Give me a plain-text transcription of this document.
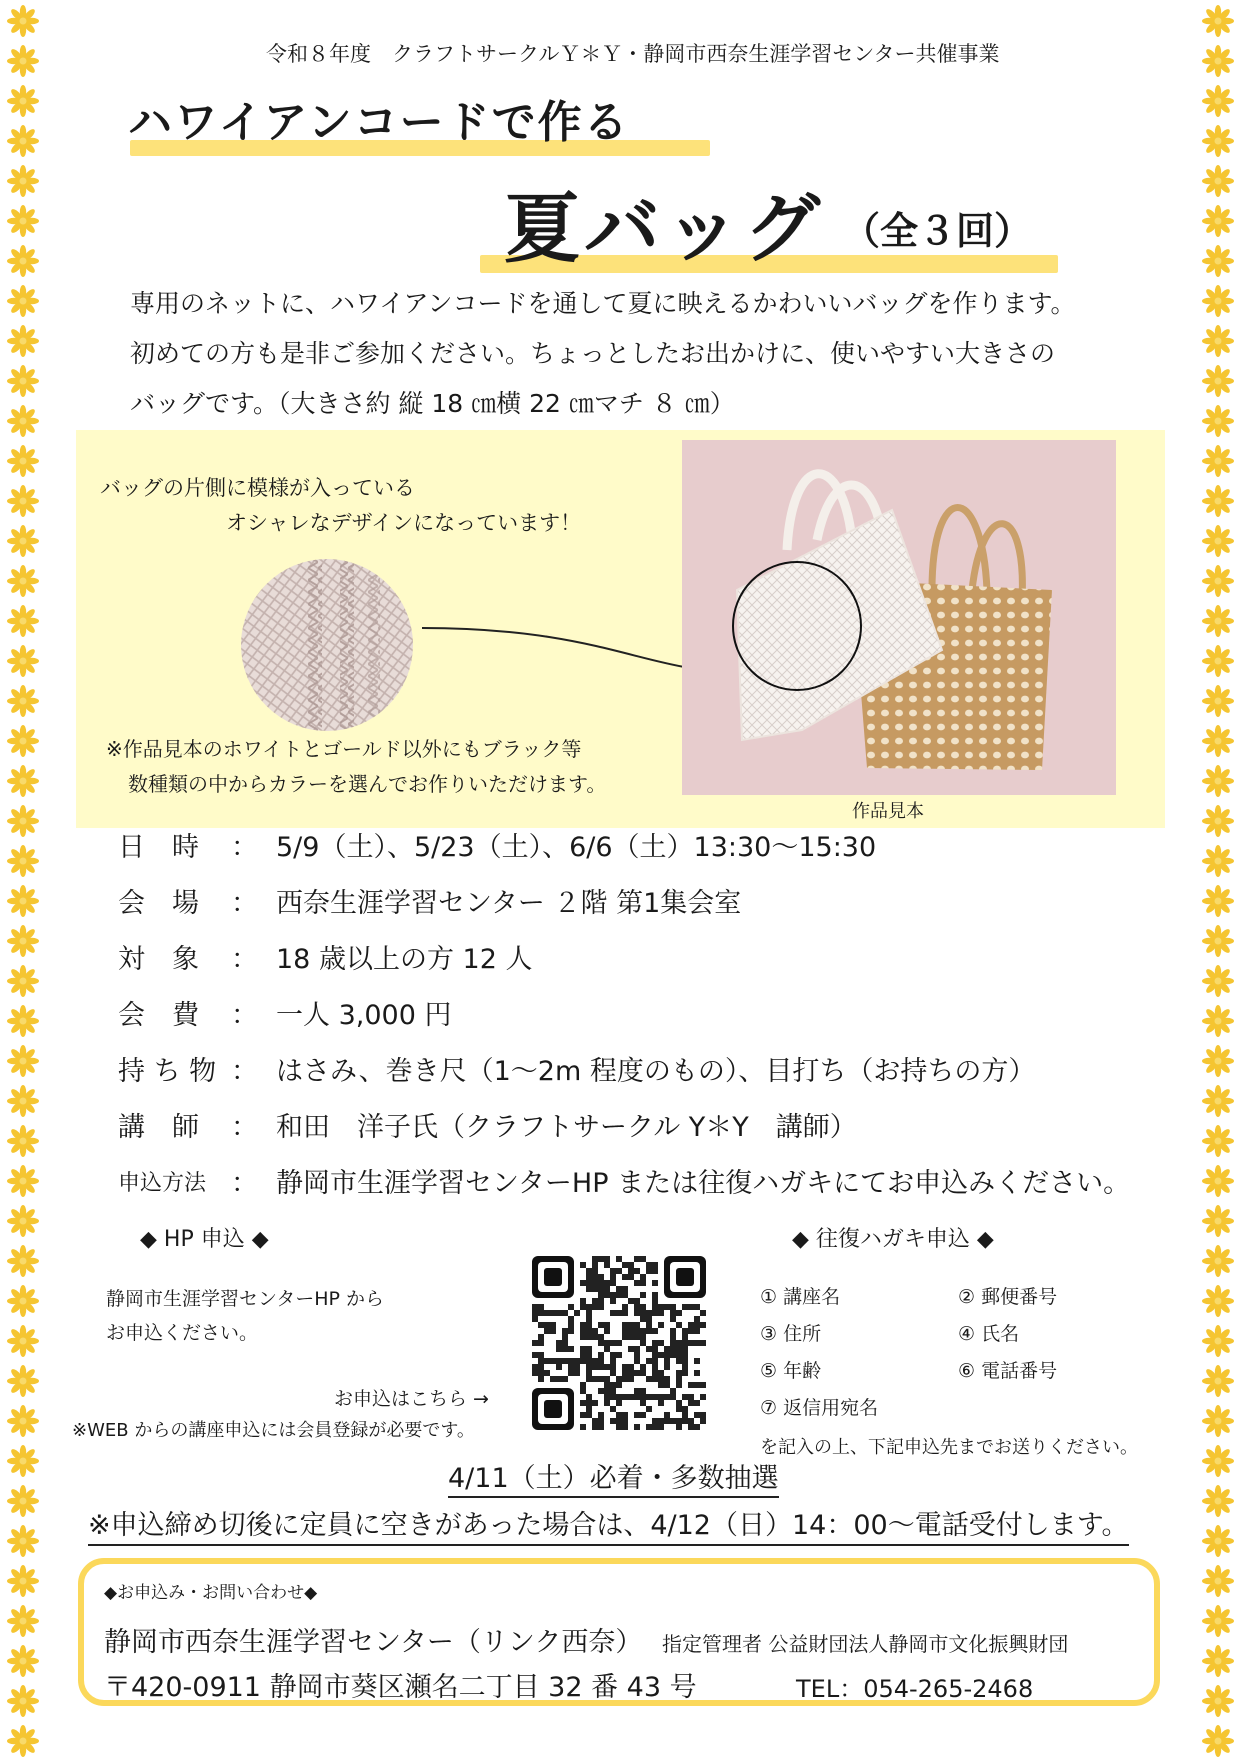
令和８年度　クラフトサークルＹ＊Ｙ・静岡市西奈生涯学習センター共催事業
ハワイアンコードで作る
夏バッグ （全３回）
専用のネットに、ハワイアンコードを通して夏に映えるかわいいバッグを作ります。
初めての方も是非ご参加ください。ちょっとしたお出かけに、使いやすい大きさの
バッグです。（大きさ約 縦 18 ㎝横 22 ㎝マチ ８ ㎝）
バッグの片側に模様が入っている
オシャレなデザインになっています！
作品見本
※作品見本のホワイトとゴールド以外にもブラック等
数種類の中からカラーを選んでお作りいただけます。
日　時 ： 5/9（土）、5/23（土）、6/6（土）13:30～15:30
会　場 ： 西奈生涯学習センター ２階 第1集会室
対　象 ： 18 歳以上の方 12 人
会　費 ： 一人 3,000 円
持 ち 物 ： はさみ、巻き尺（1～2m 程度のもの）、目打ち（お持ちの方）
講　師 ： 和田　洋子氏（クラフトサークル Y＊Y　講師）
申込方法 ： 静岡市生涯学習センターHP または往復ハガキにてお申込みください。
◆ HP 申込 ◆
静岡市生涯学習センターHP から
お申込ください。
お申込はこちら →
※WEB からの講座申込には会員登録が必要です。
◆ 往復ハガキ申込 ◆
① 講座名	② 郵便番号
③ 住所	④ 氏名
⑤ 年齢	⑥ 電話番号
⑦ 返信用宛名
を記入の上、下記申込先までお送りください。
4/11（土）必着・多数抽選
※申込締め切後に定員に空きがあった場合は、4/12（日）14：00～電話受付します。
◆お申込み・お問い合わせ◆
静岡市西奈生涯学習センター（リンク西奈） 指定管理者 公益財団法人静岡市文化振興財団
〒420-0911 静岡市葵区瀬名二丁目 32 番 43 号	TEL：054-265-2468
